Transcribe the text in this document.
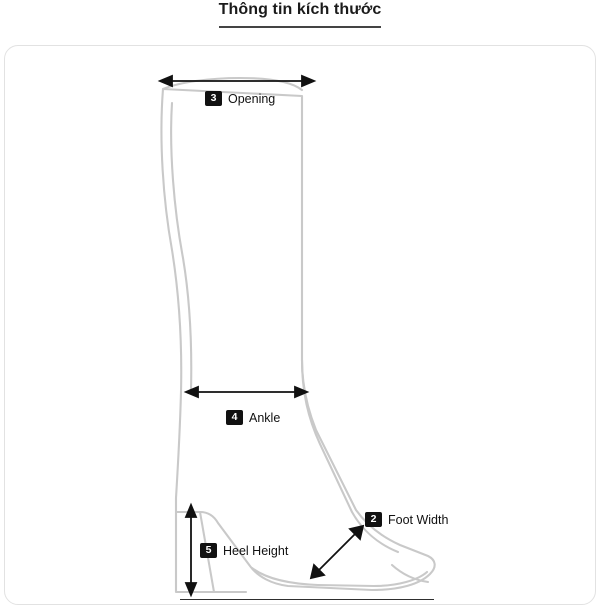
Thông tin kích thước
3 Opening
4 Ankle
2 Foot Width
5 Heel Height
